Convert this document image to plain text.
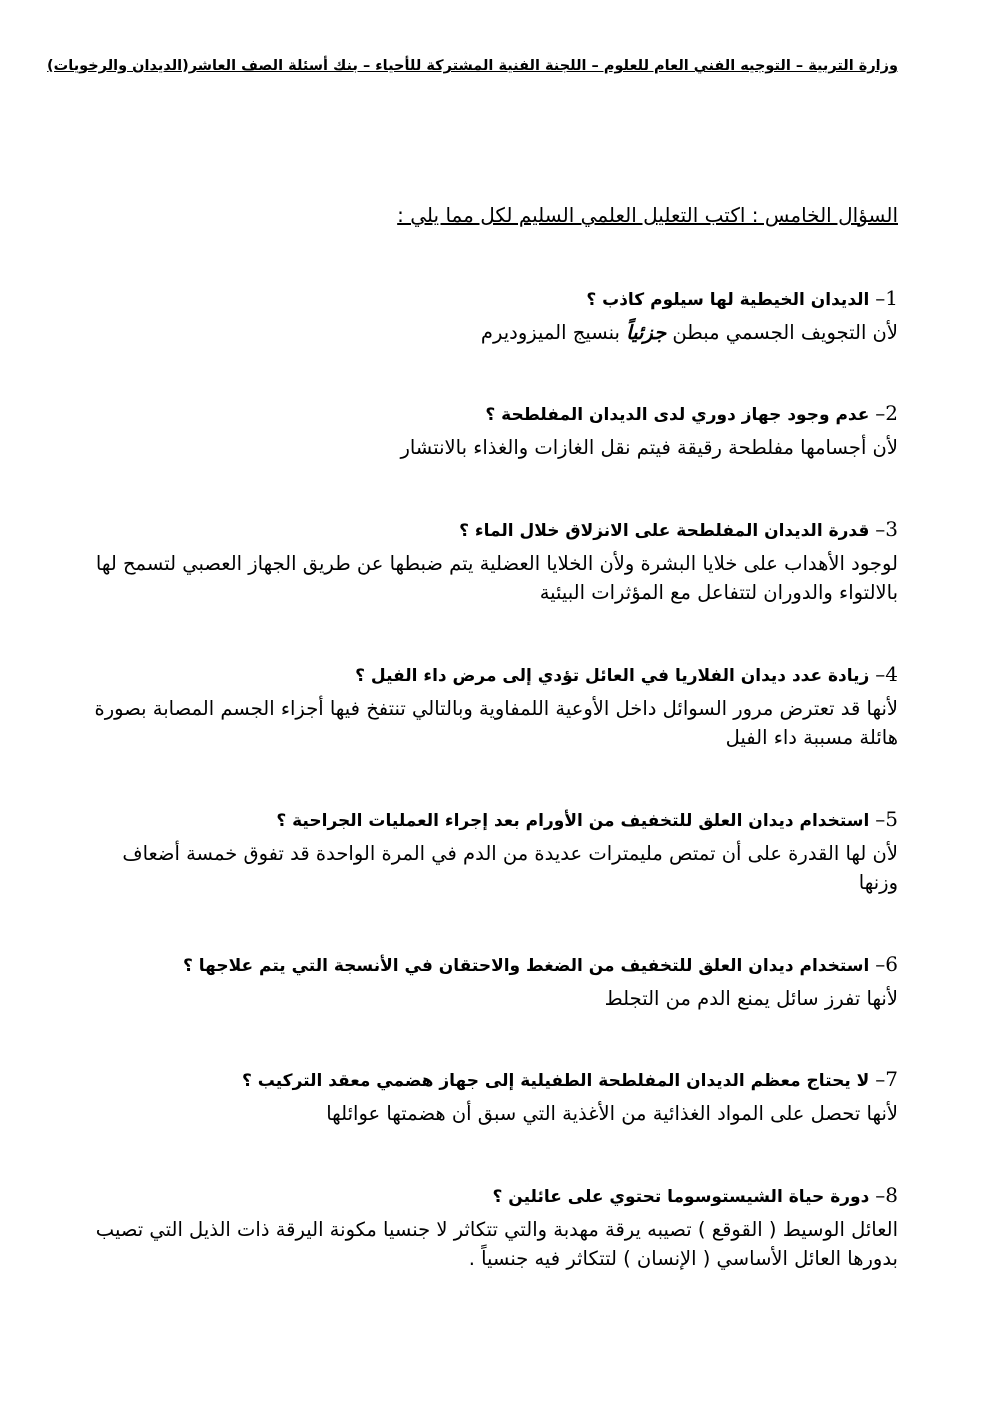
وزارة التربية – التوجيه الفني العام للعلوم – اللجنة الفنية المشتركة للأحياء – بنك أسئلة الصف العاشر(الديدان والرخويات)
السؤال الخامس : اكتب التعليل العلمي السليم لكل مما يلي :
1– الديدان الخيطية لها سيلوم كاذب ؟
لأن التجويف الجسمي مبطن جزئياً بنسيج الميزوديرم
2– عدم وجود جهاز دوري لدى الديدان المفلطحة ؟
لأن أجسامها مفلطحة رقيقة فيتم نقل الغازات والغذاء بالانتشار
3– قدرة الديدان المفلطحة على الانزلاق خلال الماء ؟
لوجود الأهداب على خلايا البشرة ولأن الخلايا العضلية يتم ضبطها عن طريق الجهاز العصبي لتسمح لها بالالتواء والدوران لتتفاعل مع المؤثرات البيئية
4– زيادة عدد ديدان الفلاريا في العائل تؤدي إلى مرض داء الفيل ؟
لأنها قد تعترض مرور السوائل داخل الأوعية اللمفاوية وبالتالي تنتفخ فيها أجزاء الجسم المصابة بصورة هائلة مسببة داء الفيل
5– استخدام ديدان العلق للتخفيف من الأورام بعد إجراء العمليات الجراحية ؟
لأن لها القدرة على أن تمتص مليمترات عديدة من الدم في المرة الواحدة قد تفوق خمسة أضعاف وزنها
6– استخدام ديدان العلق للتخفيف من الضغط والاحتقان في الأنسجة التي يتم علاجها ؟
لأنها تفرز سائل يمنع الدم من التجلط
7– لا يحتاج معظم الديدان المفلطحة الطفيلية إلى جهاز هضمي معقد التركيب ؟
لأنها تحصل على المواد الغذائية من الأغذية التي سبق أن هضمتها عوائلها
8– دورة حياة الشيستوسوما تحتوي على عائلين ؟
العائل الوسيط ( القوقع ) تصيبه يرقة مهدبة والتي تتكاثر لا جنسيا مكونة اليرقة ذات الذيل التي تصيب بدورها العائل الأساسي ( الإنسان ) لتتكاثر فيه جنسياً .
